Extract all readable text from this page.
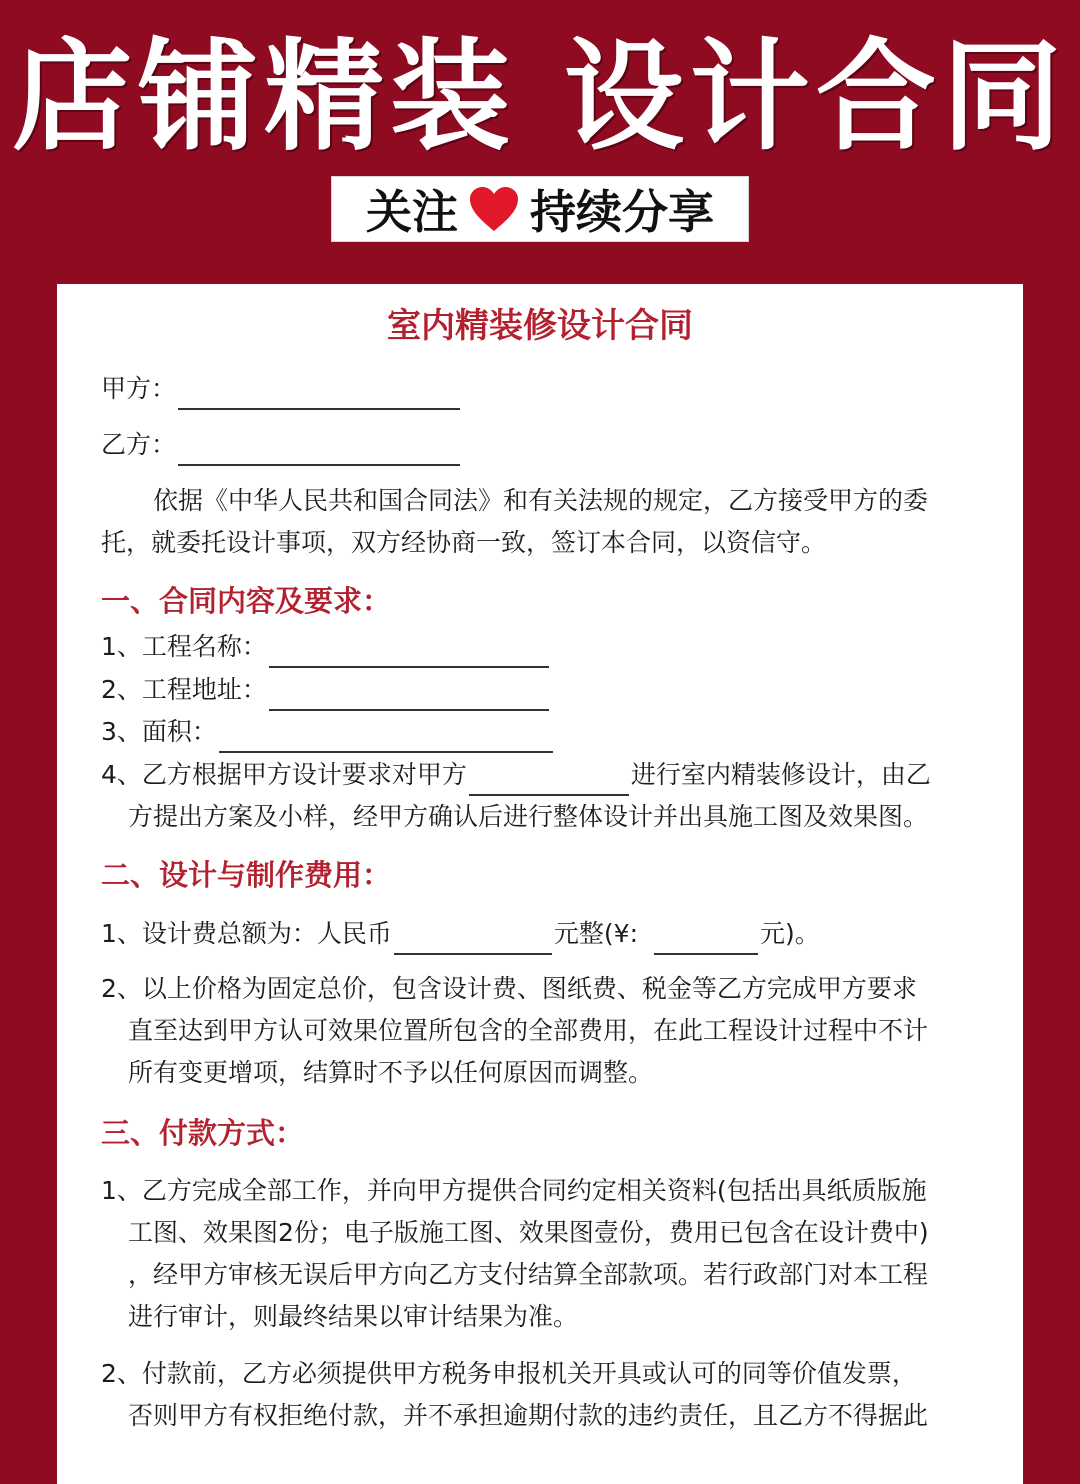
店铺精装 设计合同
关注 持续分享
室内精装修设计合同
甲方：
乙方：
依据《中华人民共和国合同法》和有关法规的规定，乙方接受甲方的委
托，就委托设计事项，双方经协商一致，签订本合同，以资信守。
一、合同内容及要求：
1、工程名称：
2、工程地址：
3、面积：
4、乙方根据甲方设计要求对甲方	进行室内精装修设计，由乙
方提出方案及小样，经甲方确认后进行整体设计并出具施工图及效果图。
二、设计与制作费用：
1、设计费总额为：人民币	元整(¥:	元)。
2、以上价格为固定总价，包含设计费、图纸费、税金等乙方完成甲方要求
直至达到甲方认可效果位置所包含的全部费用，在此工程设计过程中不计
所有变更增项，结算时不予以任何原因而调整。
三、付款方式：
1、乙方完成全部工作，并向甲方提供合同约定相关资料(包括出具纸质版施
工图、效果图2份；电子版施工图、效果图壹份，费用已包含在设计费中)
，经甲方审核无误后甲方向乙方支付结算全部款项。若行政部门对本工程
进行审计，则最终结果以审计结果为准。
2、付款前，乙方必须提供甲方税务申报机关开具或认可的同等价值发票，
否则甲方有权拒绝付款，并不承担逾期付款的违约责任，且乙方不得据此
